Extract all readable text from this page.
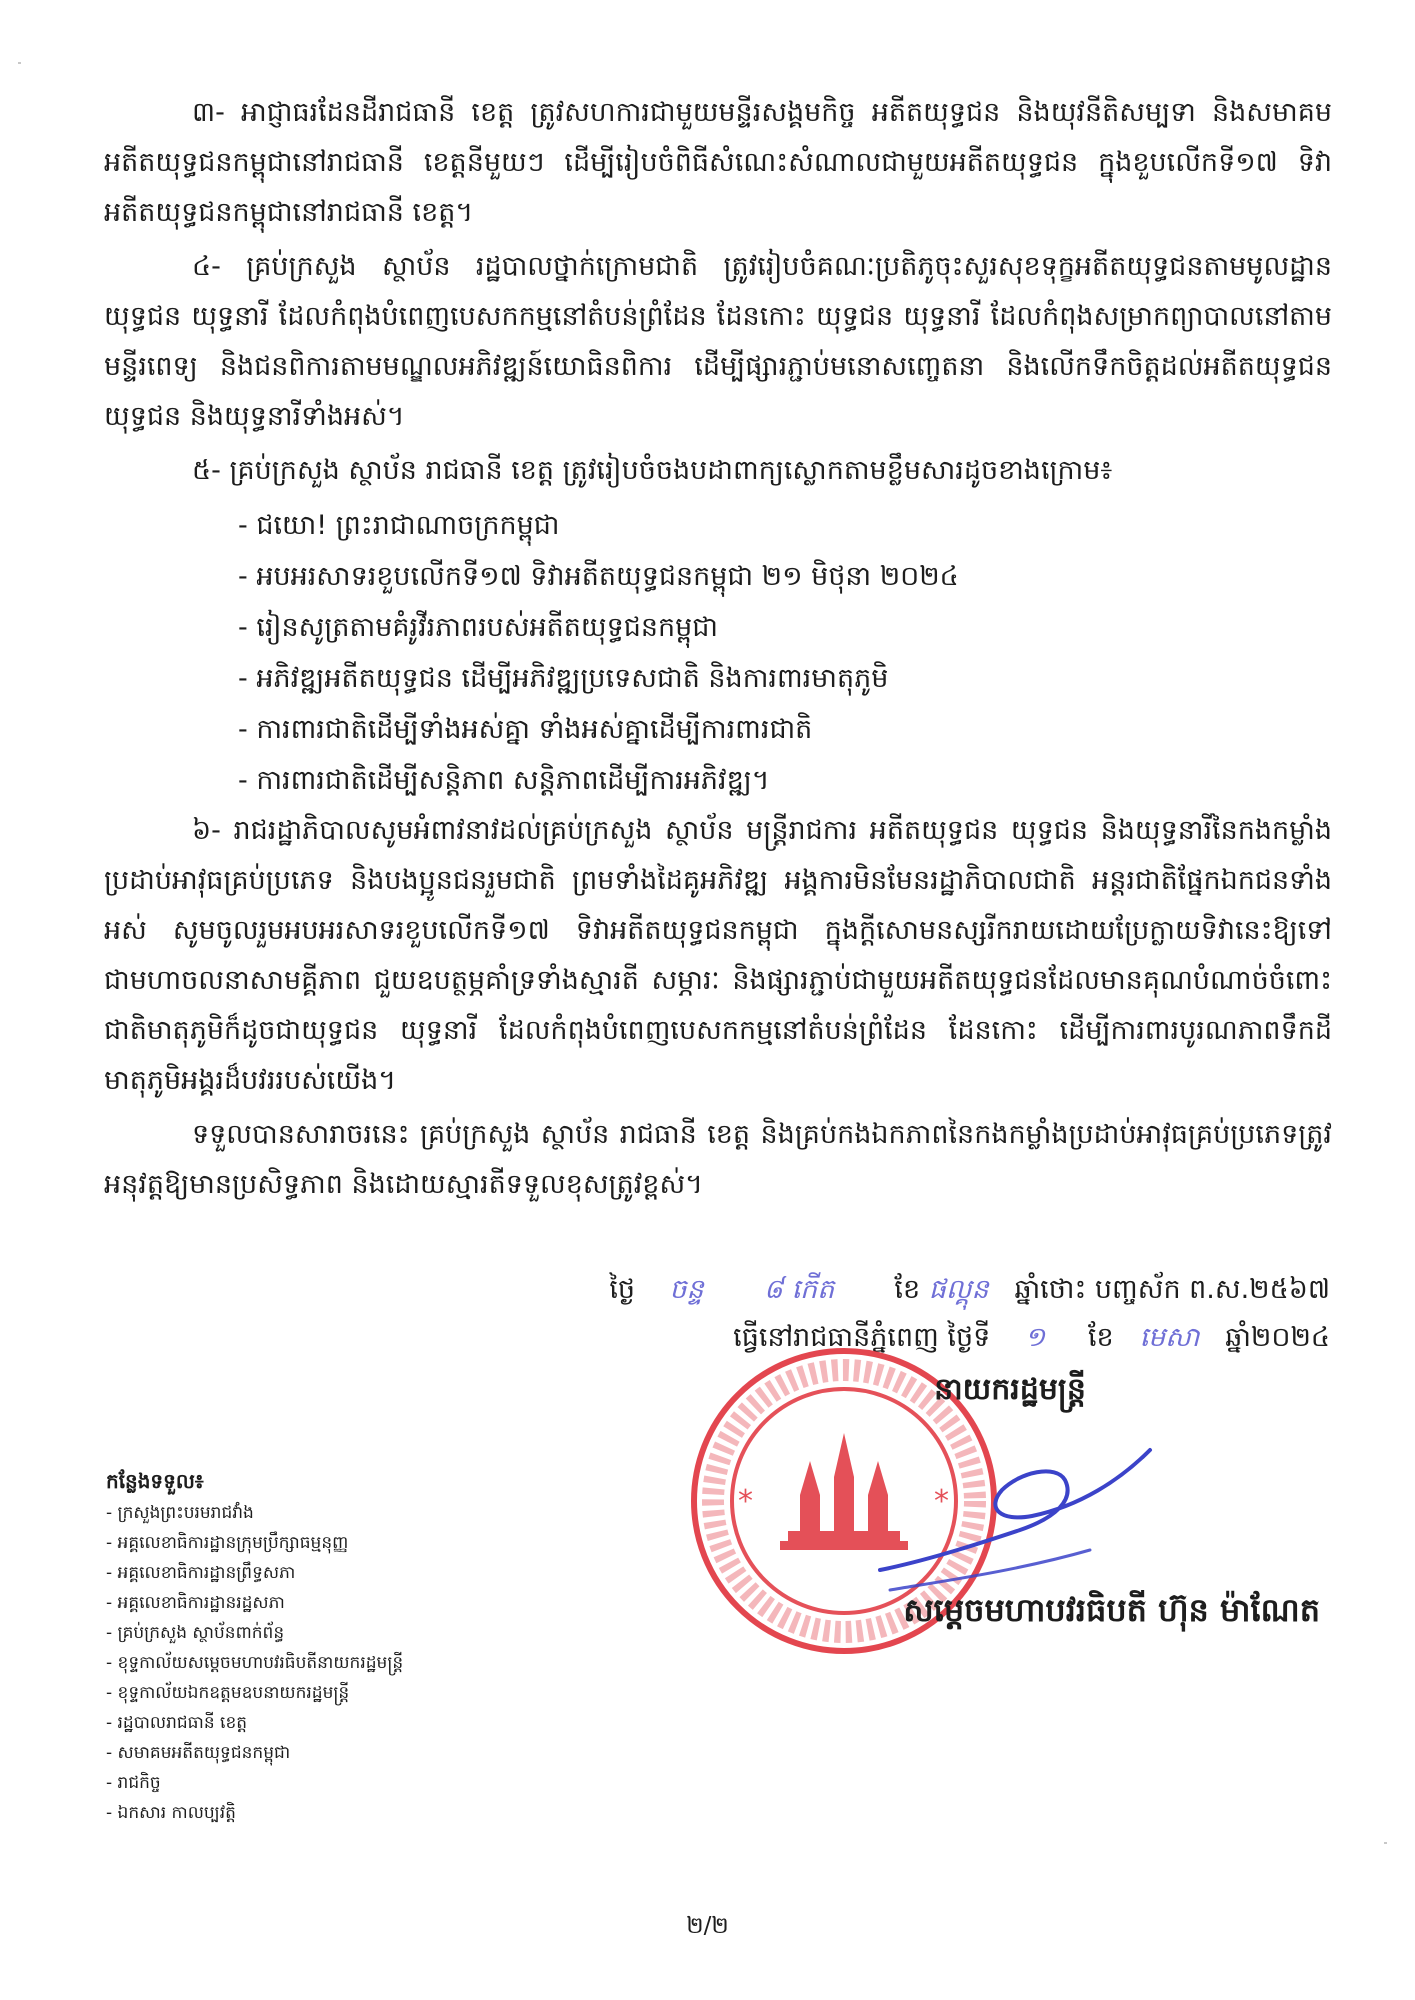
៣- អាជ្ញាធរដែនដីរាជធានី ខេត្ត ត្រូវសហការជាមួយមន្ទីរសង្គមកិច្ច អតីតយុទ្ធជន និងយុវនីតិសម្បទា និងសមាគមអតីតយុទ្ធជនកម្ពុជានៅរាជធានី ខេត្តនីមួយៗ ដើម្បីរៀបចំពិធីសំណេះសំណាលជាមួយអតីតយុទ្ធជន ក្នុងខួបលើកទី១៧ ទិវាអតីតយុទ្ធជនកម្ពុជានៅរាជធានី ខេត្ត។

៤- គ្រប់ក្រសួង ស្ថាប័ន រដ្ឋបាលថ្នាក់ក្រោមជាតិ ត្រូវរៀបចំគណៈប្រតិភូចុះសួរសុខទុក្ខអតីតយុទ្ធជនតាមមូលដ្ឋានយុទ្ធជន យុទ្ធនារី ដែលកំពុងបំពេញបេសកកម្មនៅតំបន់ព្រំដែន ដែនកោះ យុទ្ធជន យុទ្ធនារី ដែលកំពុងសម្រាកព្យាបាលនៅតាមមន្ទីរពេទ្យ និងជនពិការតាមមណ្ឌលអភិវឌ្ឍន៍យោធិនពិការ ដើម្បីផ្សារភ្ជាប់មនោសញ្ចេតនា និងលើកទឹកចិត្តដល់អតីតយុទ្ធជន យុទ្ធជន និងយុទ្ធនារីទាំងអស់។

៥- គ្រប់ក្រសួង ស្ថាប័ន រាជធានី ខេត្ត ត្រូវរៀបចំចងបដាពាក្យស្លោកតាមខ្លឹមសារដូចខាងក្រោម៖

- ជយោ! ព្រះរាជាណាចក្រកម្ពុជា
- អបអរសាទរខួបលើកទី១៧ ទិវាអតីតយុទ្ធជនកម្ពុជា ២១ មិថុនា ២០២៤
- រៀនសូត្រតាមគំរូវីរភាពរបស់អតីតយុទ្ធជនកម្ពុជា
- អភិវឌ្ឍអតីតយុទ្ធជន ដើម្បីអភិវឌ្ឍប្រទេសជាតិ និងការពារមាតុភូមិ
- ការពារជាតិដើម្បីទាំងអស់គ្នា ទាំងអស់គ្នាដើម្បីការពារជាតិ
- ការពារជាតិដើម្បីសន្តិភាព សន្តិភាពដើម្បីការអភិវឌ្ឍ។

៦- រាជរដ្ឋាភិបាលសូមអំពាវនាវដល់គ្រប់ក្រសួង ស្ថាប័ន មន្ត្រីរាជការ អតីតយុទ្ធជន យុទ្ធជន និងយុទ្ធនារីនៃកងកម្លាំងប្រដាប់អាវុធគ្រប់ប្រភេទ និងបងប្អូនជនរួមជាតិ ព្រមទាំងដៃគូអភិវឌ្ឍ អង្គការមិនមែនរដ្ឋាភិបាលជាតិ អន្តរជាតិផ្នែកឯកជនទាំងអស់ សូមចូលរួមអបអរសាទរខួបលើកទី១៧ ទិវាអតីតយុទ្ធជនកម្ពុជា ក្នុងក្ដីសោមនស្សរីករាយដោយប្រែក្លាយទិវានេះឱ្យទៅជាមហាចលនាសាមគ្គីភាព ជួយឧបត្ថម្ភគាំទ្រទាំងស្មារតី សម្ភារៈ និងផ្សារភ្ជាប់ជាមួយអតីតយុទ្ធជនដែលមានគុណបំណាច់ចំពោះជាតិមាតុភូមិក៏ដូចជាយុទ្ធជន យុទ្ធនារី ដែលកំពុងបំពេញបេសកកម្មនៅតំបន់ព្រំដែន ដែនកោះ ដើម្បីការពារបូរណភាពទឹកដីមាតុភូមិអង្គរដ៏បវររបស់យើង។

ទទួលបានសារាចរនេះ គ្រប់ក្រសួង ស្ថាប័ន រាជធានី ខេត្ត និងគ្រប់កងឯកភាពនៃកងកម្លាំងប្រដាប់អាវុធគ្រប់ប្រភេទត្រូវអនុវត្តឱ្យមានប្រសិទ្ធភាព និងដោយស្មារតីទទួលខុសត្រូវខ្ពស់។

ថ្ងៃ ចន្ទ ៨ កើត ខែ ផល្គុន ឆ្នាំថោះ បញ្ចស័ក ព.ស.២៥៦៧
ធ្វើនៅរាជធានីភ្នំពេញ ថ្ងៃទី ១ ខែ មេសា ឆ្នាំ២០២៤
*	*
នាយករដ្ឋមន្ត្រី
សម្តេចមហាបវរធិបតី ហ៊ុន ម៉ាណែត
កន្លែងទទួល៖
- ក្រសួងព្រះបរមរាជវាំង
- អគ្គលេខាធិការដ្ឋានក្រុមប្រឹក្សាធម្មនុញ្ញ
- អគ្គលេខាធិការដ្ឋានព្រឹទ្ធសភា
- អគ្គលេខាធិការដ្ឋានរដ្ឋសភា
- គ្រប់ក្រសួង ស្ថាប័នពាក់ព័ន្ធ
- ខុទ្ទកាល័យសម្តេចមហាបវរធិបតីនាយករដ្ឋមន្ត្រី
- ខុទ្ទកាល័យឯកឧត្តមឧបនាយករដ្ឋមន្ត្រី
- រដ្ឋបាលរាជធានី ខេត្ត
- សមាគមអតីតយុទ្ធជនកម្ពុជា
- រាជកិច្ច
- ឯកសារ កាលប្បវត្តិ
២/២
